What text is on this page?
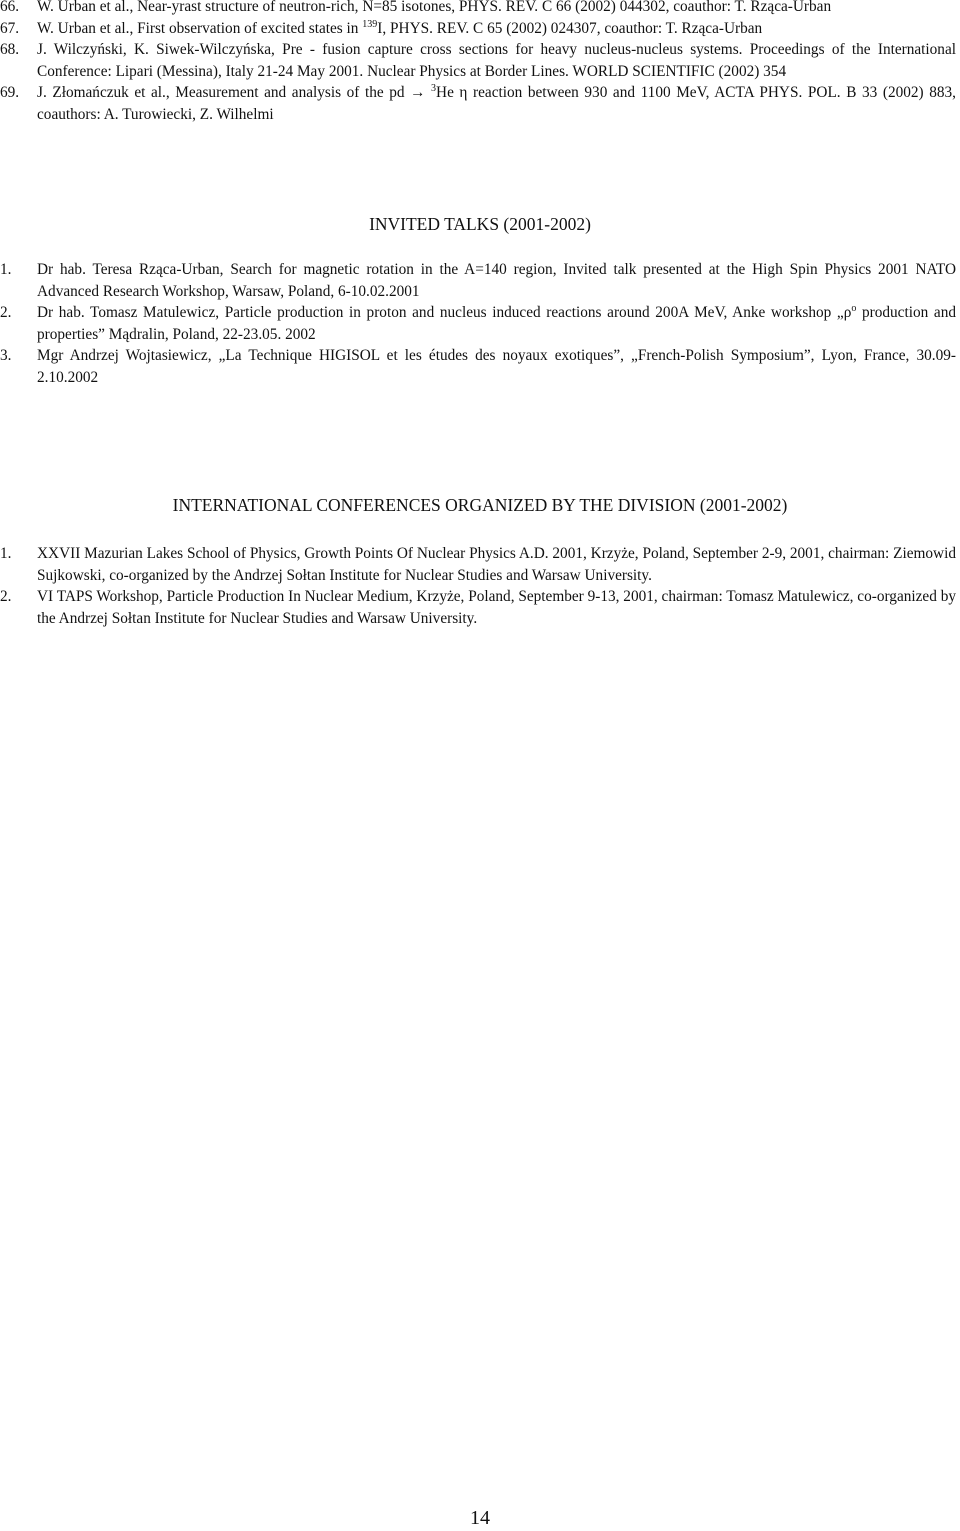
66. W. Urban et al., Near-yrast structure of neutron-rich, N=85 isotones, PHYS. REV. C 66 (2002) 044302, coauthor: T. Rząca-Urban
67. W. Urban et al., First observation of excited states in $^{139}$I, PHYS. REV. C 65 (2002) 024307, coauthor: T. Rząca-Urban
68. J. Wilczyński, K. Siwek-Wilczyńska, Pre - fusion capture cross sections for heavy nucleus-nucleus systems. Proceedings of the International Conference: Lipari (Messina), Italy 21-24 May 2001. Nuclear Physics at Border Lines. WORLD SCIENTIFIC (2002) 354
69. J. Złomańczuk et al., Measurement and analysis of the pd → $^3$He η reaction between 930 and 1100 MeV, ACTA PHYS. POL. B 33 (2002) 883, coauthors: A. Turowiecki, Z. Wilhelmi
INVITED TALKS (2001-2002)
1. Dr hab. Teresa Rząca-Urban, Search for magnetic rotation in the A=140 region, Invited talk presented at the High Spin Physics 2001 NATO Advanced Research Workshop, Warsaw, Poland, 6-10.02.2001
2. Dr hab. Tomasz Matulewicz, Particle production in proton and nucleus induced reactions around 200A MeV, Anke workshop $„\rho^o$ production and properties” Mądralin, Poland, 22-23.05. 2002
3. Mgr Andrzej Wojtasiewicz, „La Technique HIGISOL et les études des noyaux exotiques”, „French-Polish Symposium”, Lyon, France, 30.09-2.10.2002
INTERNATIONAL CONFERENCES ORGANIZED BY THE DIVISION (2001-2002)
1. XXVII Mazurian Lakes School of Physics, Growth Points Of Nuclear Physics A.D. 2001, Krzyże, Poland, September 2-9, 2001, chairman: Ziemowid Sujkowski, co-organized by the Andrzej Sołtan Institute for Nuclear Studies and Warsaw University.
2. VI TAPS Workshop, Particle Production In Nuclear Medium, Krzyże, Poland, September 9-13, 2001, chairman: Tomasz Matulewicz, co-organized by the Andrzej Sołtan Institute for Nuclear Studies and Warsaw University.
14
